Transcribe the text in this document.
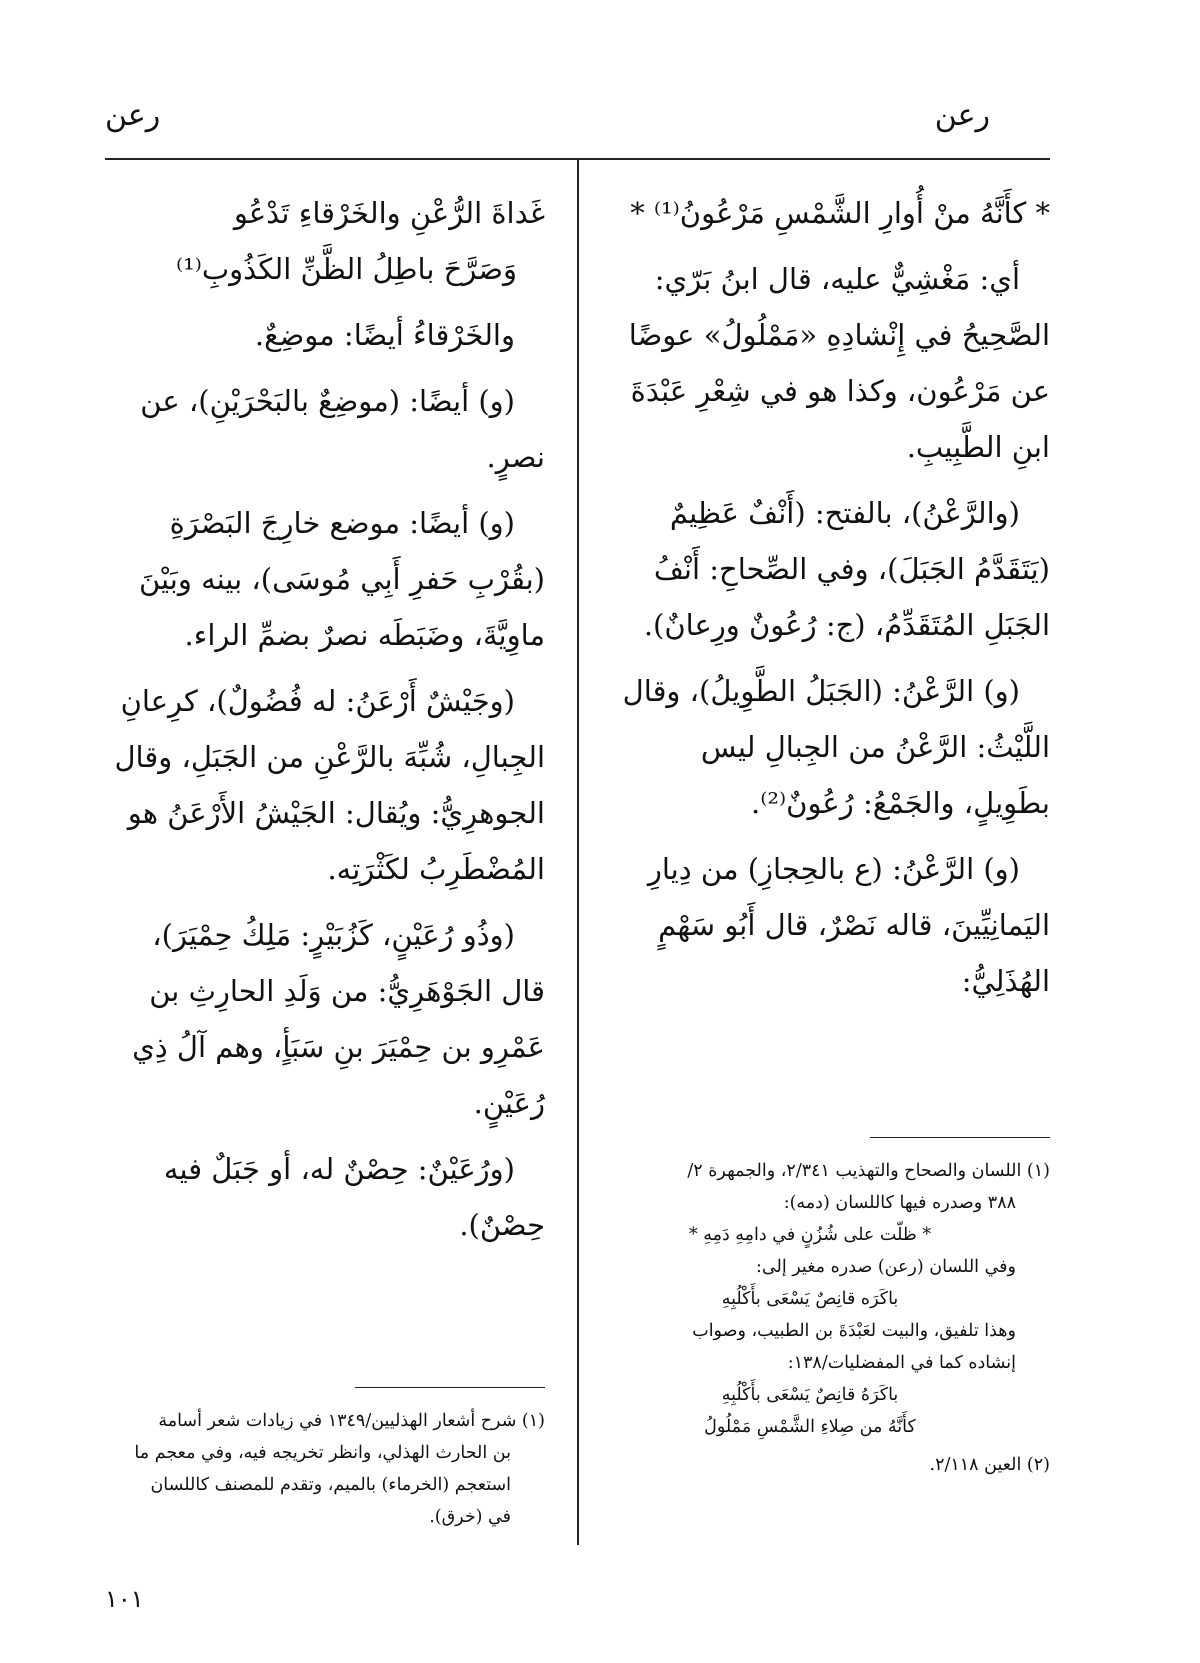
رعن
رعن

* كأَنَّهُ منْ أُوارِ الشَّمْسِ مَرْعُونُ⁽¹⁾ *

أي: مَغْشِيٌّ عليه، قال ابنُ بَرّي: الصَّحِيحُ في إِنْشادِهِ «مَمْلُولُ» عوضًا عن مَرْعُون، وكذا هو في شِعْرِ عَبْدَةَ ابنِ الطَّبِيبِ.

(والرَّعْنُ)، بالفتح: (أَنْفٌ عَظِيمٌ (يَتَقَدَّمُ الجَبَلَ)، وفي الصِّحاحِ: أَنْفُ الجَبَلِ المُتَقَدِّمُ، (ج: رُعُونٌ ورِعانٌ).

(و) الرَّعْنُ: (الجَبَلُ الطَّوِيلُ)، وقال اللَّيْثُ: الرَّعْنُ من الجِبالِ ليس بطَوِيلٍ، والجَمْعُ: رُعُونٌ⁽²⁾.

(و) الرَّعْنُ: (ع بالحِجازِ) من دِيارِ اليَمانِيِّينَ، قاله نَصْرٌ، قال أَبُو سَهْمٍ الهُذَلِيُّ:

غَداةَ الرُّعْنِ والخَرْقاءِ تَدْعُو

وَصَرَّحَ باطِلُ الظَّنِّ الكَذُوبِ⁽¹⁾

والخَرْقاءُ أيضًا: موضِعٌ.

(و) أيضًا: (موضِعٌ بالبَحْرَيْنِ)، عن نصرٍ.

(و) أيضًا: موضع خارِجَ البَصْرَةِ (بقُرْبِ حَفرِ أَبِي مُوسَى)، بينه وبَيْنَ ماوِيَّةَ، وضَبَطَه نصرٌ بضمِّ الراء.

(وجَيْشٌ أَرْعَنُ: له فُضُولٌ)، كرِعانِ الجِبالِ، شُبِّهَ بالرَّعْنِ من الجَبَلِ، وقال الجوهرِيُّ: ويُقال: الجَيْشُ الأَرْعَنُ هو المُضْطَرِبُ لكَثْرَتِه.

(وذُو رُعَيْنٍ، كَزُبَيْرٍ: مَلِكُ حِمْيَرَ)، قال الجَوْهَرِيُّ: من وَلَدِ الحارِثِ بن عَمْرِو بن حِمْيَرَ بنِ سَبَأٍ، وهم آلُ ذِي رُعَيْنٍ.

(ورُعَيْنٌ: حِصْنٌ له، أو جَبَلٌ فيه حِصْنٌ).

(١) اللسان والصحاح والتهذيب ٢/٣٤١، والجمهرة ٢/

٣٨٨ وصدره فيها كاللسان (دمه):

* ظلّت على شُزُنٍ في دامِهِ دَمِهِ *

وفي اللسان (رعن) صدره مغير إلى:

باكَرَه قانِصٌ يَسْعَى بأَكْلُبِهِ

وهذا تلفيق، والبيت لعَبْدَةَ بن الطبيب، وصواب

إنشاده كما في المفضليات/١٣٨:

باكَرَهُ قانِصٌ يَسْعَى بأَكْلُبِهِ

كأَنَّهُ من صِلاءِ الشَّمْسِ مَمْلُولُ

(٢) العين ٢/١١٨.

(١) شرح أشعار الهذليين/١٣٤٩ في زيادات شعر أسامة

بن الحارث الهذلي، وانظر تخريجه فيه، وفي معجم ما

استعجم (الخرماء) بالميم، وتقدم للمصنف كاللسان

في (خرق).

١٠١
